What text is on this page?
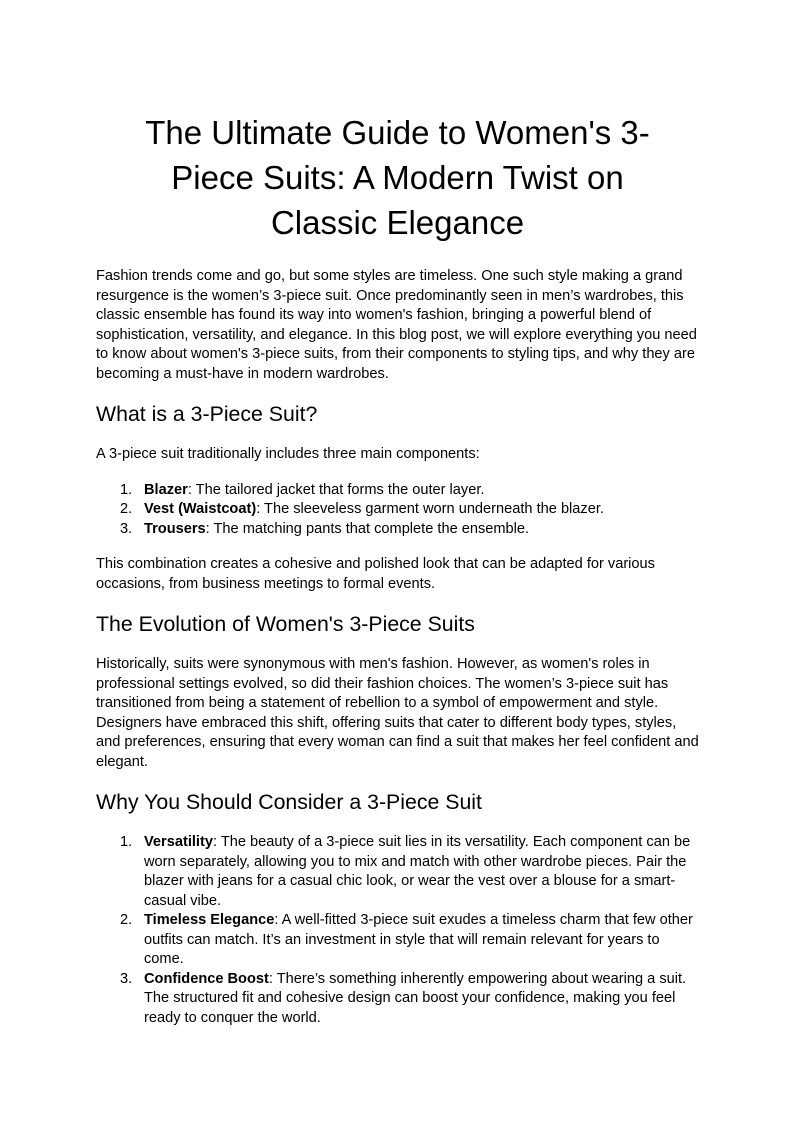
The Ultimate Guide to Women's 3-Piece Suits: A Modern Twist on Classic Elegance

Fashion trends come and go, but some styles are timeless. One such style making a grand resurgence is the women’s 3-piece suit. Once predominantly seen in men’s wardrobes, this classic ensemble has found its way into women's fashion, bringing a powerful blend of sophistication, versatility, and elegance. In this blog post, we will explore everything you need to know about women's 3-piece suits, from their components to styling tips, and why they are becoming a must-have in modern wardrobes.

What is a 3-Piece Suit?

A 3-piece suit traditionally includes three main components:

1. Blazer: The tailored jacket that forms the outer layer.
2. Vest (Waistcoat): The sleeveless garment worn underneath the blazer.
3. Trousers: The matching pants that complete the ensemble.

This combination creates a cohesive and polished look that can be adapted for various occasions, from business meetings to formal events.

The Evolution of Women's 3-Piece Suits

Historically, suits were synonymous with men's fashion. However, as women's roles in professional settings evolved, so did their fashion choices. The women’s 3-piece suit has transitioned from being a statement of rebellion to a symbol of empowerment and style. Designers have embraced this shift, offering suits that cater to different body types, styles, and preferences, ensuring that every woman can find a suit that makes her feel confident and elegant.

Why You Should Consider a 3-Piece Suit
1. Versatility: The beauty of a 3-piece suit lies in its versatility. Each component can be worn separately, allowing you to mix and match with other wardrobe pieces. Pair the blazer with jeans for a casual chic look, or wear the vest over a blouse for a smart-casual vibe.
2. Timeless Elegance: A well-fitted 3-piece suit exudes a timeless charm that few other outfits can match. It’s an investment in style that will remain relevant for years to come.
3. Confidence Boost: There’s something inherently empowering about wearing a suit. The structured fit and cohesive design can boost your confidence, making you feel ready to conquer the world.
